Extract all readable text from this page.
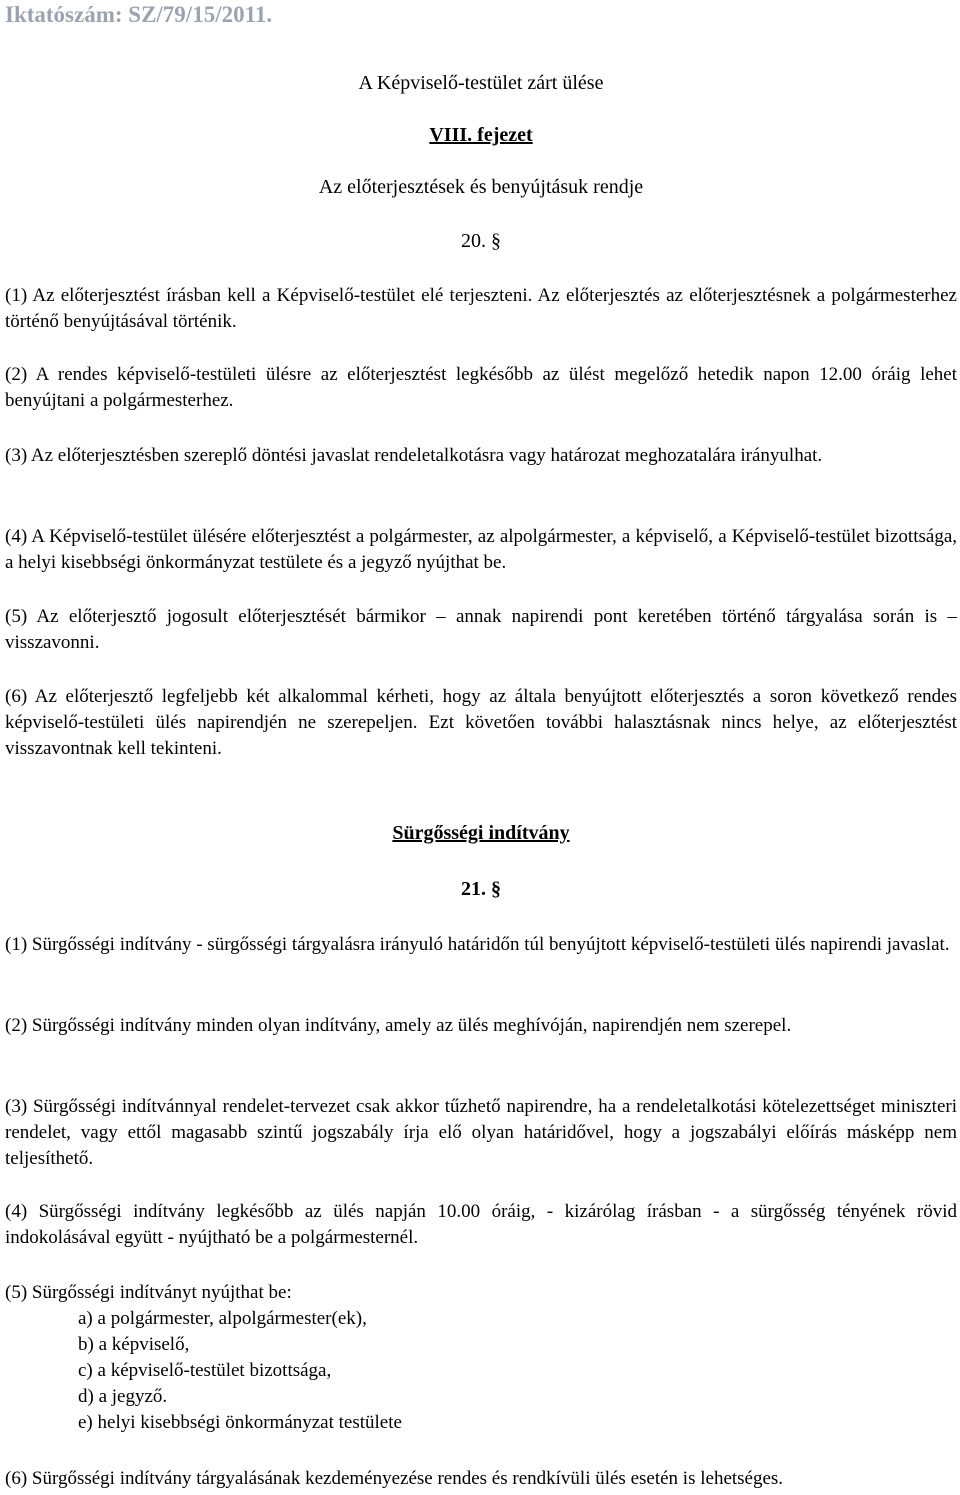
Iktatószám: SZ/79/15/2011.
A Képviselő-testület zárt ülése
VIII. fejezet
Az előterjesztések és benyújtásuk rendje
20. §
(1) Az előterjesztést írásban kell a Képviselő-testület elé terjeszteni. Az előterjesztés az előterjesztésnek a polgármesterhez történő benyújtásával történik.
(2) A rendes képviselő-testületi ülésre az előterjesztést legkésőbb az ülést megelőző hetedik napon 12.00 óráig lehet benyújtani a polgármesterhez.
(3) Az előterjesztésben szereplő döntési javaslat rendeletalkotásra vagy határozat meghozatalára irányulhat.
(4) A Képviselő-testület ülésére előterjesztést a polgármester, az alpolgármester, a képviselő, a Képviselő-testület bizottsága, a helyi kisebbségi önkormányzat testülete és a jegyző nyújthat be.
(5) Az előterjesztő jogosult előterjesztését bármikor – annak napirendi pont keretében történő tárgyalása során is – visszavonni.
(6) Az előterjesztő legfeljebb két alkalommal kérheti, hogy az általa benyújtott előterjesztés a soron következő rendes képviselő-testületi ülés napirendjén ne szerepeljen. Ezt követően további halasztásnak nincs helye, az előterjesztést visszavontnak kell tekinteni.
Sürgősségi indítvány
21. §
(1) Sürgősségi indítvány - sürgősségi tárgyalásra irányuló határidőn túl benyújtott képviselő-testületi ülés napirendi javaslat.
(2) Sürgősségi indítvány minden olyan indítvány, amely az ülés meghívóján, napirendjén nem szerepel.
(3) Sürgősségi indítvánnyal rendelet-tervezet csak akkor tűzhető napirendre, ha a rendeletalkotási kötelezettséget miniszteri rendelet, vagy ettől magasabb szintű jogszabály írja elő olyan határidővel, hogy a jogszabályi előírás másképp nem teljesíthető.
(4) Sürgősségi indítvány legkésőbb az ülés napján 10.00 óráig, - kizárólag írásban - a sürgősség tényének rövid indokolásával együtt - nyújtható be a polgármesternél.
(5) Sürgősségi indítványt nyújthat be:
a) a polgármester, alpolgármester(ek),
b) a képviselő,
c) a képviselő-testület bizottsága,
d) a jegyző.
e) helyi kisebbségi önkormányzat testülete
(6) Sürgősségi indítvány tárgyalásának kezdeményezése rendes és rendkívüli ülés esetén is lehetséges.
